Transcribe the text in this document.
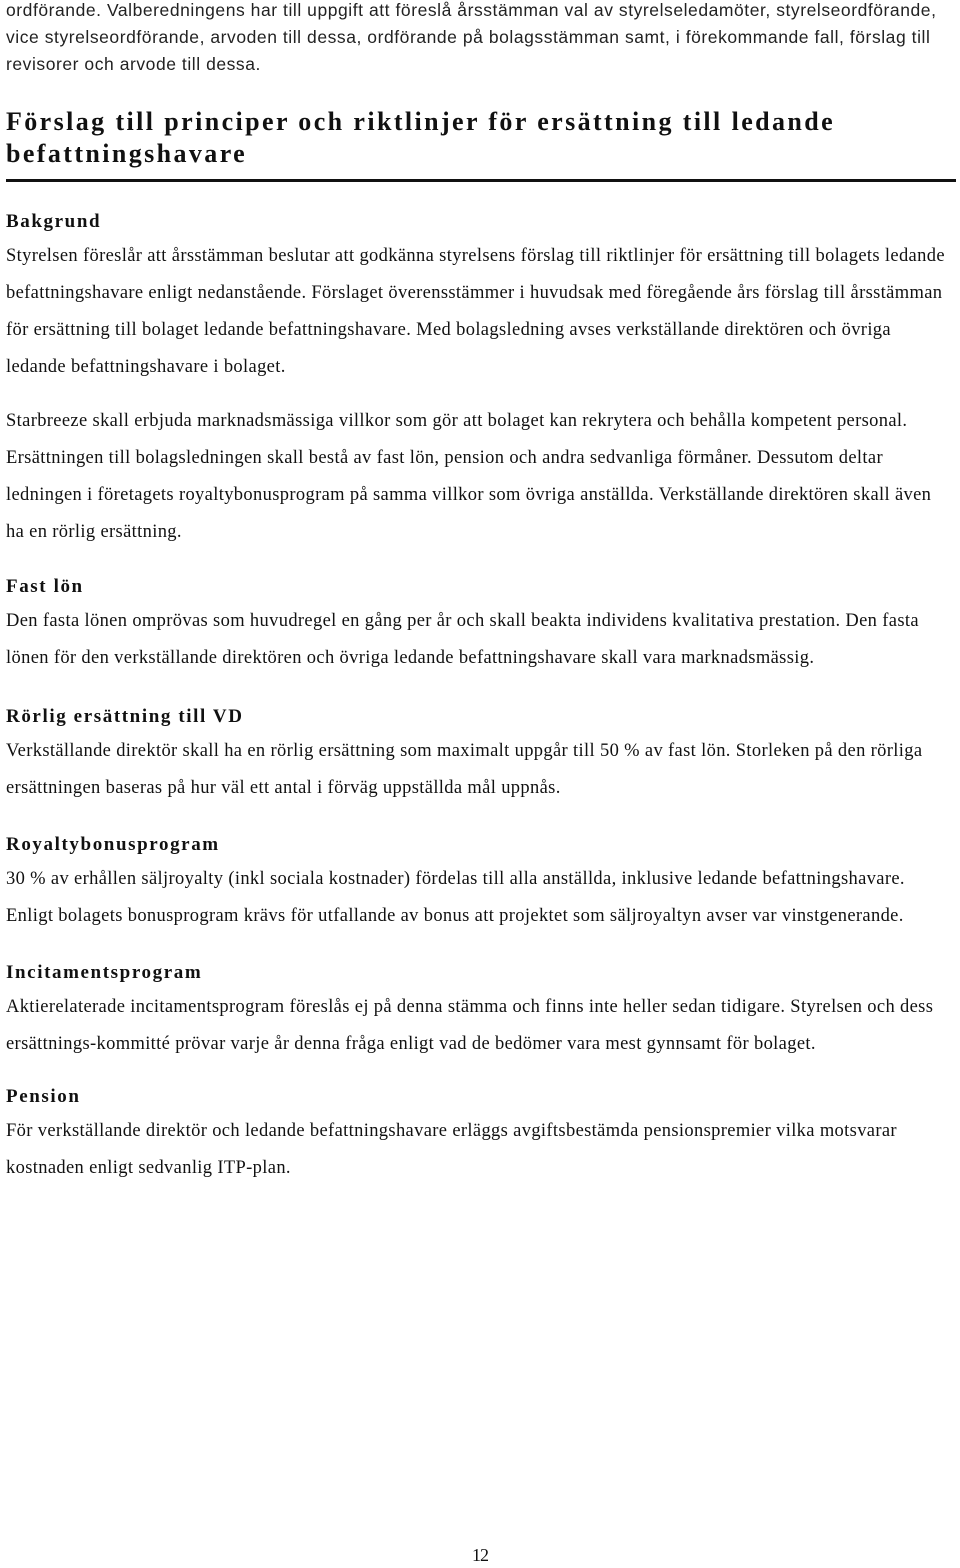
ordförande. Valberedningens har till uppgift att föreslå årsstämman val av styrelseledamöter, styrelseordförande, vice styrelseordförande, arvoden till dessa, ordförande på bolagsstämman samt, i förekommande fall, förslag till revisorer och arvode till dessa.

Förslag till principer och riktlinjer för ersättning till ledande befattningshavare
Bakgrund

Styrelsen föreslår att årsstämman beslutar att godkänna styrelsens förslag till riktlinjer för ersättning till bolagets ledande befattningshavare enligt nedanstående. Förslaget överensstämmer i huvudsak med föregående års förslag till årsstämman för ersättning till bolaget ledande befattningshavare. Med bolagsledning avses verkställande direktören och övriga ledande befattningshavare i bolaget.

Starbreeze skall erbjuda marknadsmässiga villkor som gör att bolaget kan rekrytera och behålla kompetent personal. Ersättningen till bolagsledningen skall bestå av fast lön, pension och andra sedvanliga förmåner. Dessutom deltar ledningen i företagets royaltybonusprogram på samma villkor som övriga anställda. Verkställande direktören skall även ha en rörlig ersättning.

Fast lön

Den fasta lönen omprövas som huvudregel en gång per år och skall beakta individens kvalitativa prestation. Den fasta lönen för den verkställande direktören och övriga ledande befattningshavare skall vara marknadsmässig.

Rörlig ersättning till VD

Verkställande direktör skall ha en rörlig ersättning som maximalt uppgår till 50 % av fast lön. Storleken på den rörliga ersättningen baseras på hur väl ett antal i förväg uppställda mål uppnås.

Royaltybonusprogram

30 % av erhållen säljroyalty (inkl sociala kostnader) fördelas till alla anställda, inklusive ledande befattningshavare. Enligt bolagets bonusprogram krävs för utfallande av bonus att projektet som säljroyaltyn avser var vinstgenerande.

Incitamentsprogram

Aktierelaterade incitamentsprogram föreslås ej på denna stämma och finns inte heller sedan tidigare. Styrelsen och dess ersättnings-kommitté prövar varje år denna fråga enligt vad de bedömer vara mest gynnsamt för bolaget.

Pension

För verkställande direktör och ledande befattningshavare erläggs avgiftsbestämda pensionspremier vilka motsvarar kostnaden enligt sedvanlig ITP-plan.

12
